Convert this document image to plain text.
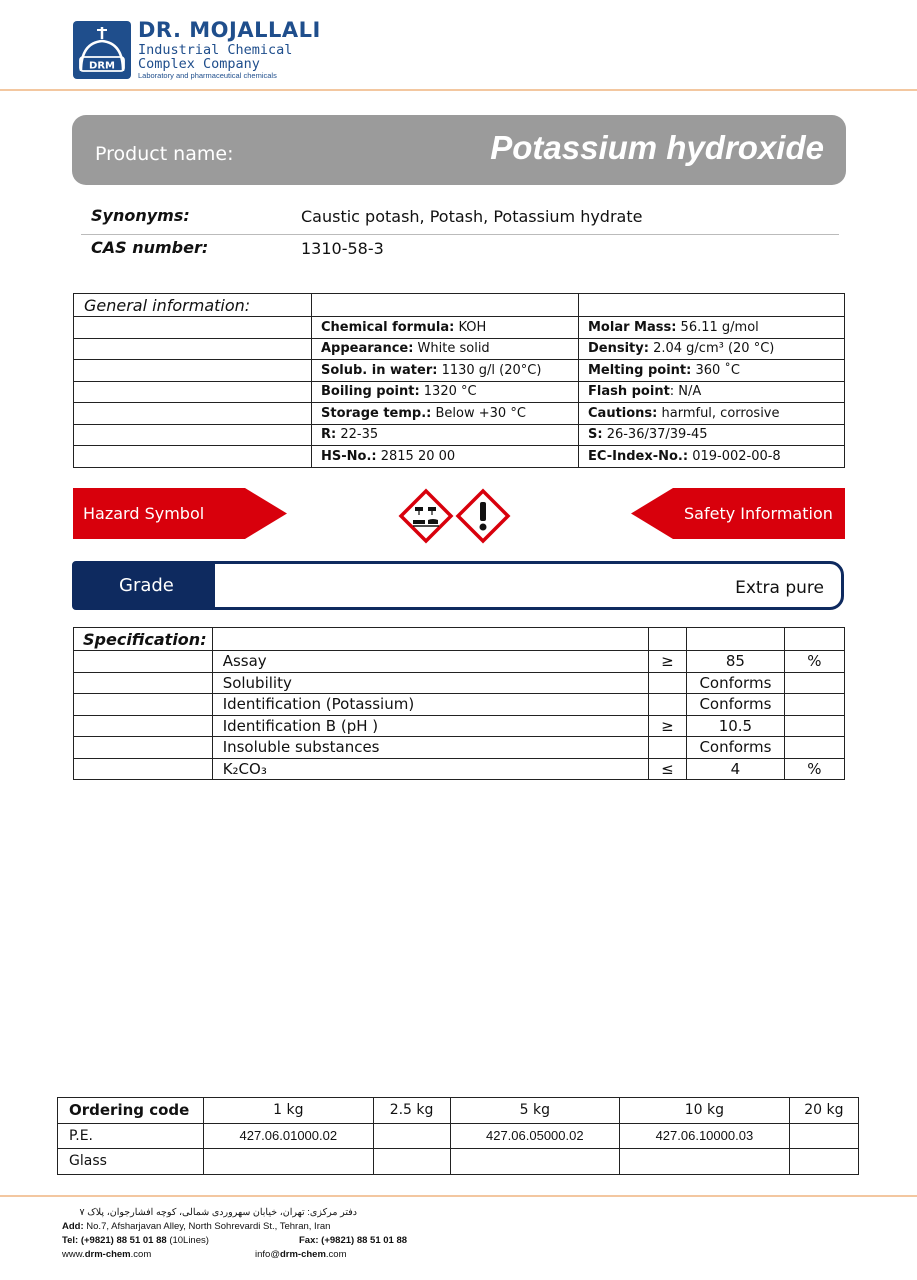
DRM
DR. MOJALLALI
Industrial Chemical
Complex Company
Laboratory and pharmaceutical chemicals
Product name:	Potassium hydroxide
Synonyms:	Caustic potash, Potash, Potassium hydrate
CAS number:	1310-58-3
General information:		
	Chemical formula: KOH	Molar Mass: 56.11 g/mol
	Appearance: White solid	Density: 2.04 g/cm³ (20 °C)
	Solub. in water: 1130 g/l (20°C)	Melting point: 360 ˚C
	Boiling point: 1320 °C	Flash point: N/A
	Storage temp.: Below +30 °C	Cautions: harmful, corrosive
	R: 22-35	S: 26-36/37/39-45
	HS-No.: 2815 20 00	EC-Index-No.: 019-002-00-8
Hazard Symbol	Safety Information
Grade	Extra pure
Specification:				
	Assay	≥	85	%
	Solubility		Conforms	
	Identification (Potassium)		Conforms	
	Identification B (pH )	≥	10.5	
	Insoluble substances		Conforms	
	K₂CO₃	≤	4	%
Ordering code	1 kg	2.5 kg	5 kg	10 kg	20 kg
P.E.	427.06.01000.02		427.06.05000.02	427.06.10000.03	
Glass					
دفتر مرکزی: تهران، خیابان سهروردی شمالی، کوچه افشارجوان، پلاک ۷
Add: No.7, Afsharjavan Alley, North Sohrevardi St., Tehran, Iran
Tel: (+9821) 88 51 01 88 (10Lines)	Fax: (+9821) 88 51 01 88
www.drm-chem.com	info@drm-chem.com
